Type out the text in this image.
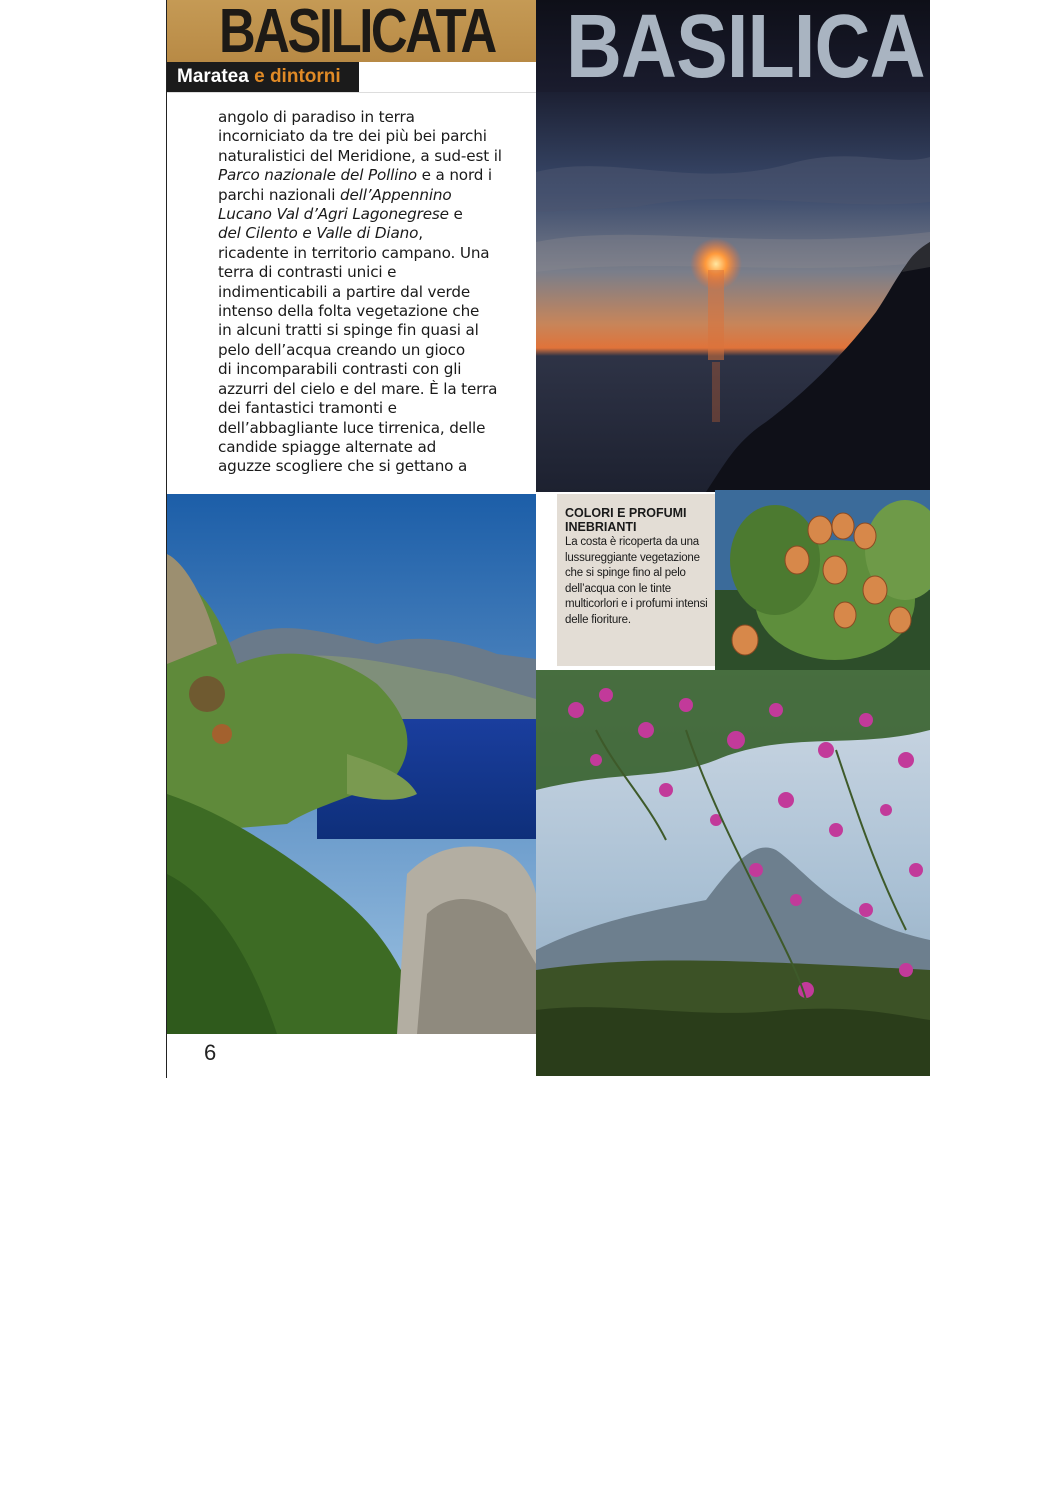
BASILICATA BASILICA
Maratea e dintorni
angolo di paradiso in terra
incorniciato da tre dei più bei parchi
naturalistici del Meridione, a sud-est il
Parco nazionale del Pollino e a nord i
parchi nazionali dell’Appennino
Lucano Val d’Agri Lagonegrese e
del Cilento e Valle di Diano,
ricadente in territorio campano. Una
terra di contrasti unici e
indimenticabili a partire dal verde
intenso della folta vegetazione che
in alcuni tratti si spinge fin quasi al
pelo dell’acqua creando un gioco
di incomparabili contrasti con gli
azzurri del cielo e del mare. È la terra
dei fantastici tramonti e
dell’abbagliante luce tirrenica, delle
candide spiagge alternate ad
aguzze scogliere che si gettano a
COLORI E PROFUMI INEBRIANTI
La costa è ricoperta da una lussureggiante vegetazione che si spinge fino al pelo dell’acqua con le tinte multicorlori e i profumi intensi delle fioriture.
6
